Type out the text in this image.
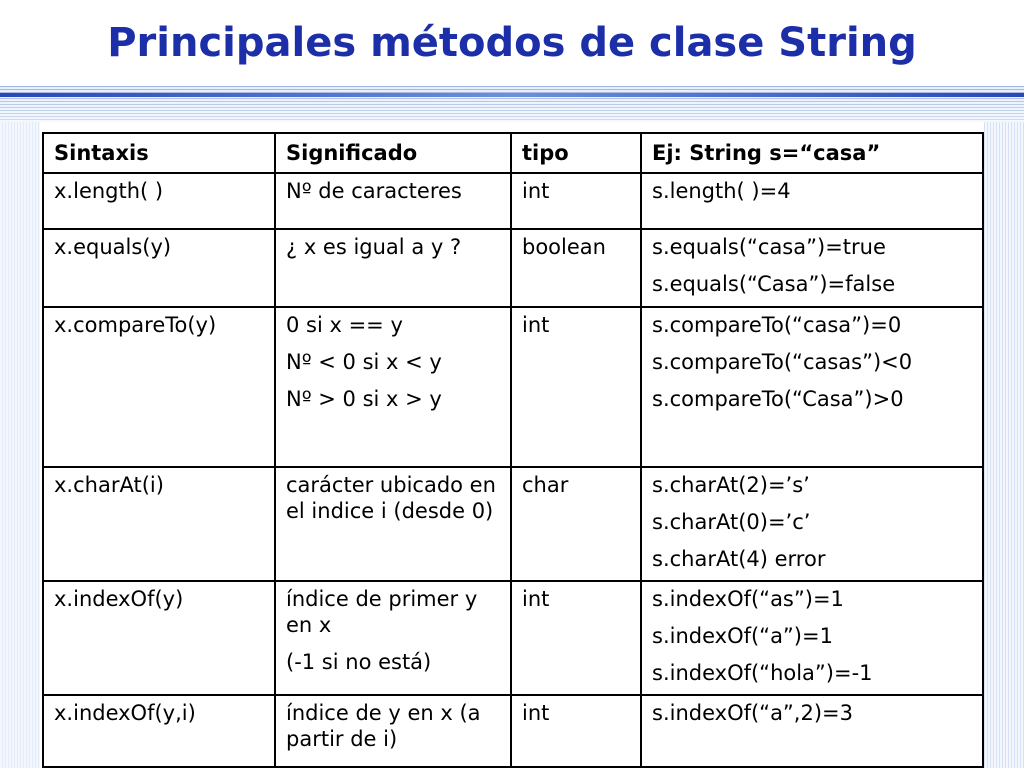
Principales métodos de clase String
Sintaxis	Significado	tipo	Ej: String s=“casa”
x.length( )	Nº de caracteres	int	s.length( )=4

x.equals(y)	¿ x es igual a y ?	boolean	s.equals(“casa”)=true
s.equals(“Casa”)=false

x.compareTo(y)	0 si x == y
Nº < 0 si x < y
Nº > 0 si x > y	int	s.compareTo(“casa”)=0
s.compareTo(“casas”)<0
s.compareTo(“Casa”)>0

x.charAt(i)	carácter ubicado en el indice i (desde 0)	char	s.charAt(2)=’s’
s.charAt(0)=’c’
s.charAt(4) error

x.indexOf(y)	índice de primer y en x
(-1 si no está)	int	s.indexOf(“as”)=1
s.indexOf(“a”)=1
s.indexOf(“hola”)=-1

x.indexOf(y,i)	índice de y en x (a partir de i)	int	s.indexOf(“a”,2)=3
